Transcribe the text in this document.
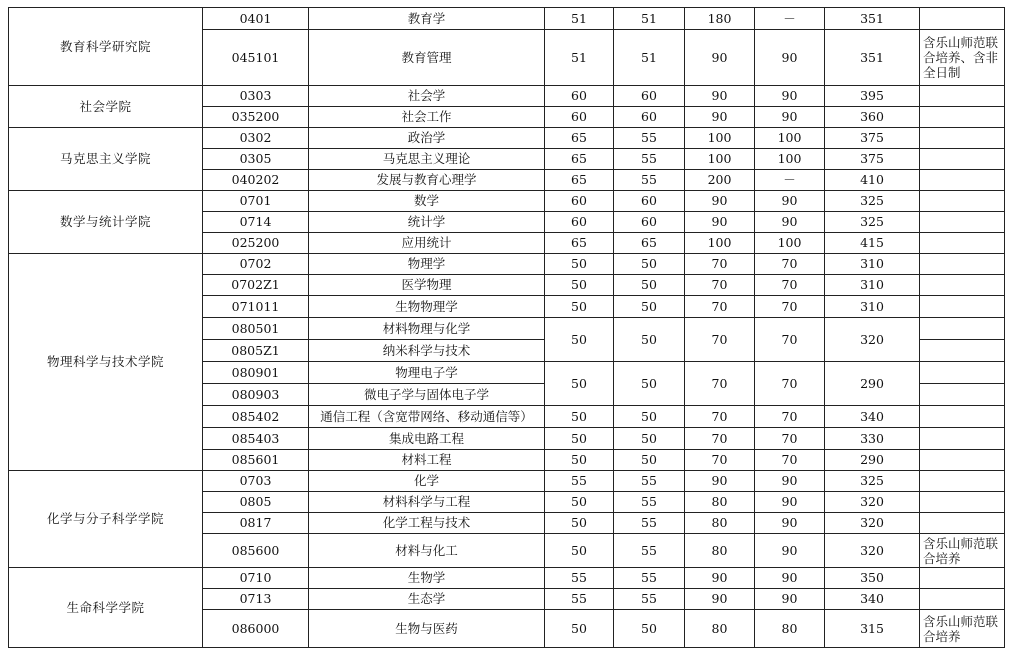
教育科学研究院	0401	教育学	51	51	180	－	351	
	045101	教育管理	51	51	90	90	351	含乐山师范联合培养、含非全日制
社会学院	0303	社会学	60	60	90	90	395	
	035200	社会工作	60	60	90	90	360	
马克思主义学院	0302	政治学	65	55	100	100	375	
	0305	马克思主义理论	65	55	100	100	375	
	040202	发展与教育心理学	65	55	200	－	410	
数学与统计学院	0701	数学	60	60	90	90	325	
	0714	统计学	60	60	90	90	325	
	025200	应用统计	65	65	100	100	415	
物理科学与技术学院	0702	物理学	50	50	70	70	310	
	0702Z1	医学物理	50	50	70	70	310	
	071011	生物物理学	50	50	70	70	310	
	080501	材料物理与化学	50	50	70	70	320	
	0805Z1	纳米科学与技术						
	080901	物理电子学	50	50	70	70	290	
	080903	微电子学与固体电子学						
	085402	通信工程（含宽带网络、移动通信等）	50	50	70	70	340	
	085403	集成电路工程	50	50	70	70	330	
	085601	材料工程	50	50	70	70	290	
化学与分子科学学院	0703	化学	55	55	90	90	325	
	0805	材料科学与工程	50	55	80	90	320	
	0817	化学工程与技术	50	55	80	90	320	
	085600	材料与化工	50	55	80	90	320	含乐山师范联合培养
生命科学学院	0710	生物学	55	55	90	90	350	
	0713	生态学	55	55	90	90	340	
	086000	生物与医药	50	50	80	80	315	含乐山师范联合培养
